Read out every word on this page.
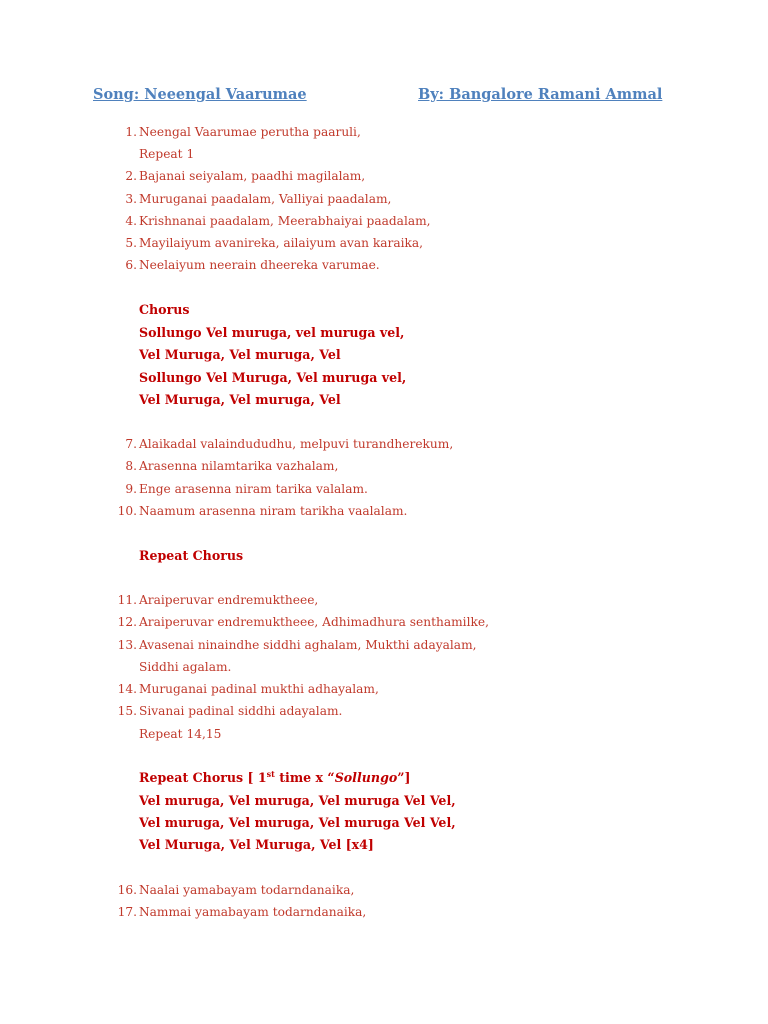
Song: Neeengal Vaarumae	By: Bangalore Ramani Ammal
1. Neengal Vaarumae perutha paaruli,
Repeat 1
2. Bajanai seiyalam, paadhi magilalam,
3. Muruganai paadalam, Valliyai paadalam,
4. Krishnanai paadalam, Meerabhaiyai paadalam,
5. Mayilaiyum avanireka, ailaiyum avan karaika,
6. Neelaiyum neerain dheereka varumae.
Chorus
Sollungo Vel muruga, vel muruga vel,
Vel Muruga, Vel muruga, Vel
Sollungo Vel Muruga, Vel muruga vel,
Vel Muruga, Vel muruga, Vel
7. Alaikadal valaindududhu, melpuvi turandherekum,
8. Arasenna nilamtarika vazhalam,
9. Enge arasenna niram tarika valalam.
10. Naamum arasenna niram tarikha vaalalam.
Repeat Chorus
11. Araiperuvar endremuktheee,
12. Araiperuvar endremuktheee, Adhimadhura senthamilke,
13. Avasenai ninaindhe siddhi aghalam, Mukthi adayalam,
Siddhi agalam.
14. Muruganai padinal mukthi adhayalam,
15. Sivanai padinal siddhi adayalam.
Repeat 14,15
Repeat Chorus [ 1st time x “Sollungo”]
Vel muruga, Vel muruga, Vel muruga Vel Vel,
Vel muruga, Vel muruga, Vel muruga Vel Vel,
Vel Muruga, Vel Muruga, Vel [x4]
16. Naalai yamabayam todarndanaika,
17. Nammai yamabayam todarndanaika,
